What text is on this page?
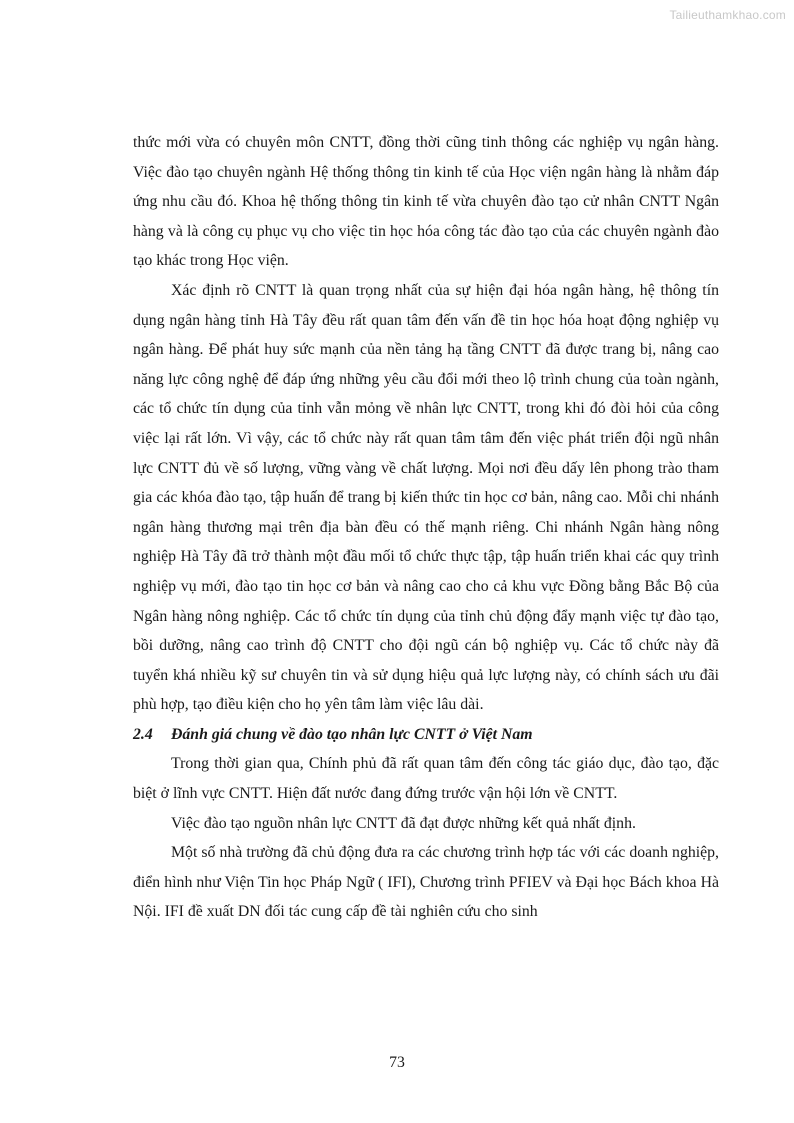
Tailieuthamkhao.com

thức mới vừa có chuyên môn CNTT, đồng thời cũng tinh thông các nghiệp vụ ngân hàng. Việc đào tạo chuyên ngành Hệ thống thông tin kinh tế của Học viện ngân hàng là nhằm đáp ứng nhu cầu đó. Khoa hệ thống thông tin kinh tế vừa chuyên đào tạo cử nhân CNTT Ngân hàng và là công cụ phục vụ cho việc tin học hóa công tác đào tạo của các chuyên ngành đào tạo khác trong Học viện.

Xác định rõ CNTT là quan trọng nhất của sự hiện đại hóa ngân hàng, hệ thông tín dụng ngân hàng tỉnh Hà Tây đều rất quan tâm đến vấn đề tin học hóa hoạt động nghiệp vụ ngân hàng. Để phát huy sức mạnh của nền tảng hạ tầng CNTT đã được trang bị, nâng cao năng lực công nghệ để đáp ứng những yêu cầu đổi mới theo lộ trình chung của toàn ngành, các tổ chức tín dụng của tỉnh vẫn mỏng về nhân lực CNTT, trong khi đó đòi hỏi của công việc lại rất lớn. Vì vậy, các tổ chức này rất quan tâm tâm đến việc phát triển đội ngũ nhân lực CNTT đủ về số lượng, vững vàng về chất lượng. Mọi nơi đều dấy lên phong trào tham gia các khóa đào tạo, tập huấn để trang bị kiến thức tin học cơ bản, nâng cao. Mỗi chi nhánh ngân hàng thương mại trên địa bàn đều có thế mạnh riêng. Chi nhánh Ngân hàng nông nghiệp Hà Tây đã trở thành một đầu mối tổ chức thực tập, tập huấn triển khai các quy trình nghiệp vụ mới, đào tạo tin học cơ bản và nâng cao cho cả khu vực Đồng bằng Bắc Bộ của Ngân hàng nông nghiệp. Các tổ chức tín dụng của tỉnh chủ động đẩy mạnh việc tự đào tạo, bồi dưỡng, nâng cao trình độ CNTT cho đội ngũ cán bộ nghiệp vụ. Các tổ chức này đã tuyển khá nhiều kỹ sư chuyên tin và sử dụng hiệu quả lực lượng này, có chính sách ưu đãi phù hợp, tạo điều kiện cho họ yên tâm làm việc lâu dài.

2.4 Đánh giá chung về đào tạo nhân lực CNTT ở Việt Nam

Trong thời gian qua, Chính phủ đã rất quan tâm đến công tác giáo dục, đào tạo, đặc biệt ở lĩnh vực CNTT. Hiện đất nước đang đứng trước vận hội lớn về CNTT.

Việc đào tạo nguồn nhân lực CNTT đã đạt được những kết quả nhất định.

Một số nhà trường đã chủ động đưa ra các chương trình hợp tác với các doanh nghiệp, điển hình như Viện Tin học Pháp Ngữ ( IFI), Chương trình PFIEV và Đại học Bách khoa Hà Nội. IFI đề xuất DN đối tác cung cấp đề tài nghiên cứu cho sinh

73
